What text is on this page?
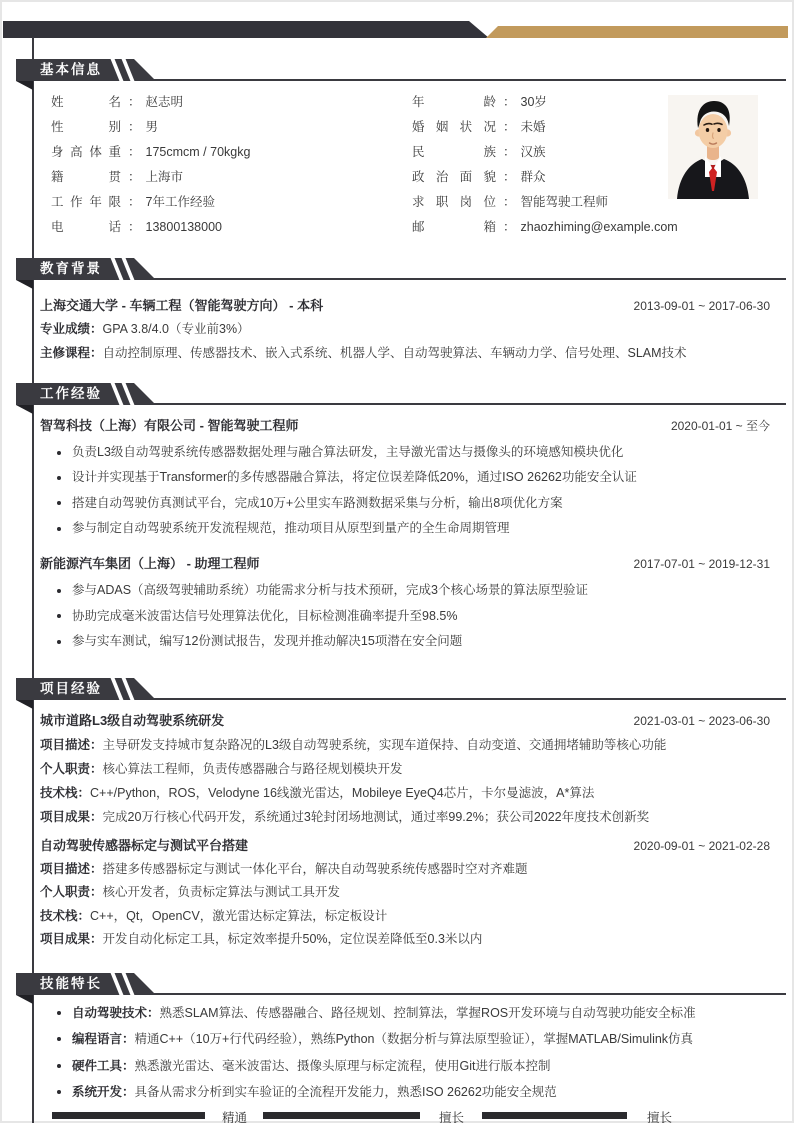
基本信息
姓名 ： 赵志明
性别 ： 男
身高体重 ： 175cmcm / 70kgkg
籍贯 ： 上海市
工作年限 ： 7年工作经验
电话 ： 13800138000
年龄 ： 30岁
婚姻状况 ： 未婚
民族 ： 汉族
政治面貌 ： 群众
求职岗位 ： 智能驾驶工程师
邮箱 ： zhaozhiming@example.com
教育背景
上海交通大学 - 车辆工程（智能驾驶方向） - 本科	2013-09-01 ~ 2017-06-30
专业成绩：GPA 3.8/4.0（专业前3%）
主修课程：自动控制原理、传感器技术、嵌入式系统、机器人学、自动驾驶算法、车辆动力学、信号处理、SLAM技术
工作经验
智驾科技（上海）有限公司 - 智能驾驶工程师	2020-01-01 ~ 至今
负责L3级自动驾驶系统传感器数据处理与融合算法研发，主导激光雷达与摄像头的环境感知模块优化
设计并实现基于Transformer的多传感器融合算法，将定位误差降低20%，通过ISO 26262功能安全认证
搭建自动驾驶仿真测试平台，完成10万+公里实车路测数据采集与分析，输出8项优化方案
参与制定自动驾驶系统开发流程规范，推动项目从原型到量产的全生命周期管理
新能源汽车集团（上海） - 助理工程师	2017-07-01 ~ 2019-12-31
参与ADAS（高级驾驶辅助系统）功能需求分析与技术预研，完成3个核心场景的算法原型验证
协助完成毫米波雷达信号处理算法优化，目标检测准确率提升至98.5%
参与实车测试，编写12份测试报告，发现并推动解决15项潜在安全问题
项目经验
城市道路L3级自动驾驶系统研发	2021-03-01 ~ 2023-06-30
项目描述：主导研发支持城市复杂路况的L3级自动驾驶系统，实现车道保持、自动变道、交通拥堵辅助等核心功能
个人职责：核心算法工程师，负责传感器融合与路径规划模块开发
技术栈：C++/Python，ROS，Velodyne 16线激光雷达，Mobileye EyeQ4芯片，卡尔曼滤波，A*算法
项目成果：完成20万行核心代码开发，系统通过3轮封闭场地测试，通过率99.2%；获公司2022年度技术创新奖
自动驾驶传感器标定与测试平台搭建	2020-09-01 ~ 2021-02-28
项目描述：搭建多传感器标定与测试一体化平台，解决自动驾驶系统传感器时空对齐难题
个人职责：核心开发者，负责标定算法与测试工具开发
技术栈：C++，Qt，OpenCV，激光雷达标定算法，标定板设计
项目成果：开发自动化标定工具，标定效率提升50%，定位误差降低至0.3米以内
技能特长
自动驾驶技术：熟悉SLAM算法、传感器融合、路径规划、控制算法，掌握ROS开发环境与自动驾驶功能安全标准
编程语言：精通C++（10万+行代码经验），熟练Python（数据分析与算法原型验证），掌握MATLAB/Simulink仿真
硬件工具：熟悉激光雷达、毫米波雷达、摄像头原理与标定流程，使用Git进行版本控制
系统开发：具备从需求分析到实车验证的全流程开发能力，熟悉ISO 26262功能安全规范
精通	擅长	擅长
